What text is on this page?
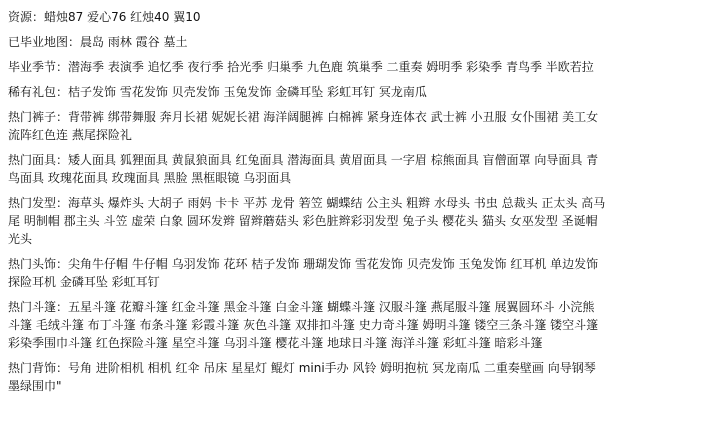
资源：蜡烛87 爱心76 红烛40 翼10
已毕业地图：晨岛 雨林 霞谷 墓土
毕业季节：潜海季 表演季 追忆季 夜行季 拾光季 归巢季 九色鹿 筑巢季 二重奏 姆明季 彩染季 青鸟季 半欧若拉
稀有礼包：桔子发饰 雪花发饰 贝壳发饰 玉兔发饰 金磷耳坠 彩虹耳钉 冥龙南瓜
热门裤子：背带裤 绑带舞服 奔月长裙 妮妮长裙 海洋阔腿裤 白棉裤 紧身连体衣 武士裤 小丑服 女仆围裙 美工女
流阵红色连 燕尾探险礼
热门面具：矮人面具 狐狸面具 黄鼠狼面具 红兔面具 潜海面具 黄眉面具 一字眉 棕熊面具 盲僧面罩 向导面具 青
鸟面具 玫瑰花面具 玫瑰面具 黑脸 黑框眼镜 乌羽面具
热门发型：海草头 爆炸头 大胡子 雨妈 卡卡 平苏 龙骨 箬笠 蝴蝶结 公主头 粗辫 水母头 书虫 总裁头 正太头 高马
尾 明制帽 郡主头 斗笠 虚荣 白象 圆环发辫 留辫蘑菇头 彩色脏辫彩羽发型 兔子头 樱花头 猫头 女巫发型 圣诞帽
光头
热门头饰：尖角牛仔帽 牛仔帽 乌羽发饰 花环 桔子发饰 珊瑚发饰 雪花发饰 贝壳发饰 玉兔发饰 红耳机 单边发饰
探险耳机 金磷耳坠 彩虹耳钉
热门斗篷：五星斗篷 花瓣斗篷 红金斗篷 黑金斗篷 白金斗篷 蝴蝶斗篷 汉服斗篷 燕尾服斗篷 展翼圆环斗 小浣熊
斗篷 毛绒斗篷 布丁斗篷 布条斗篷 彩霞斗篷 灰色斗篷 双排扣斗篷 史力奇斗篷 姆明斗篷 镂空三条斗篷 镂空斗篷
彩染季围巾斗篷 红色探险斗篷 星空斗篷 乌羽斗篷 樱花斗篷 地球日斗篷 海洋斗篷 彩虹斗篷 暗彩斗篷
热门背饰：号角 进阶相机 相机 红伞 吊床 星星灯 鲲灯 mini手办 风铃 姆明抱杭 冥龙南瓜 二重奏壁画 向导钢琴
墨绿围巾"
